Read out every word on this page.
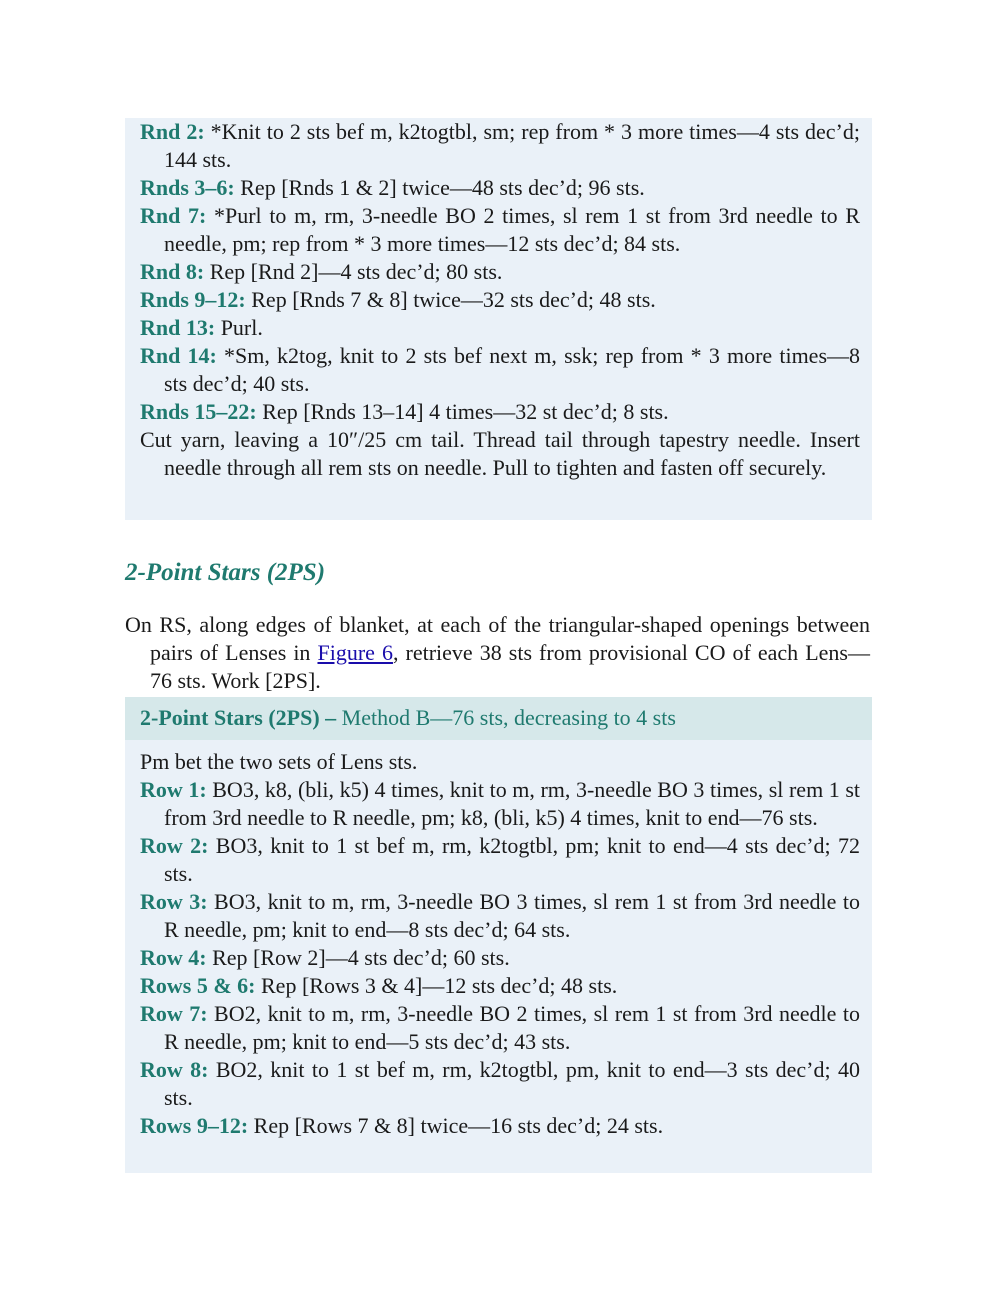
Rnd 2: *Knit to 2 sts bef m, k2togtbl, sm; rep from * 3 more times—4 sts dec’d; 144 sts.
Rnds 3–6: Rep [Rnds 1 & 2] twice—48 sts dec’d; 96 sts.
Rnd 7: *Purl to m, rm, 3-needle BO 2 times, sl rem 1 st from 3rd needle to R needle, pm; rep from * 3 more times—12 sts dec’d; 84 sts.
Rnd 8: Rep [Rnd 2]—4 sts dec’d; 80 sts.
Rnds 9–12: Rep [Rnds 7 & 8] twice—32 sts dec’d; 48 sts.
Rnd 13: Purl.
Rnd 14: *Sm, k2tog, knit to 2 sts bef next m, ssk; rep from * 3 more times—8 sts dec’d; 40 sts.
Rnds 15–22: Rep [Rnds 13–14] 4 times—32 st dec’d; 8 sts.
Cut yarn, leaving a 10″/25 cm tail. Thread tail through tapestry needle. Insert needle through all rem sts on needle. Pull to tighten and fasten off securely.
2-Point Stars (2PS)

On RS, along edges of blanket, at each of the triangular-shaped openings between pairs of Lenses in Figure 6, retrieve 38 sts from provisional CO of each Lens—76 sts. Work [2PS].

2-Point Stars (2PS) – Method B—76 sts, decreasing to 4 sts
Pm bet the two sets of Lens sts.
Row 1: BO3, k8, (bli, k5) 4 times, knit to m, rm, 3-needle BO 3 times, sl rem 1 st from 3rd needle to R needle, pm; k8, (bli, k5) 4 times, knit to end—76 sts.
Row 2: BO3, knit to 1 st bef m, rm, k2togtbl, pm; knit to end—4 sts dec’d; 72 sts.
Row 3: BO3, knit to m, rm, 3-needle BO 3 times, sl rem 1 st from 3rd needle to R needle, pm; knit to end—8 sts dec’d; 64 sts.
Row 4: Rep [Row 2]—4 sts dec’d; 60 sts.
Rows 5 & 6: Rep [Rows 3 & 4]—12 sts dec’d; 48 sts.
Row 7: BO2, knit to m, rm, 3-needle BO 2 times, sl rem 1 st from 3rd needle to R needle, pm; knit to end—5 sts dec’d; 43 sts.
Row 8: BO2, knit to 1 st bef m, rm, k2togtbl, pm, knit to end—3 sts dec’d; 40 sts.
Rows 9–12: Rep [Rows 7 & 8] twice—16 sts dec’d; 24 sts.
